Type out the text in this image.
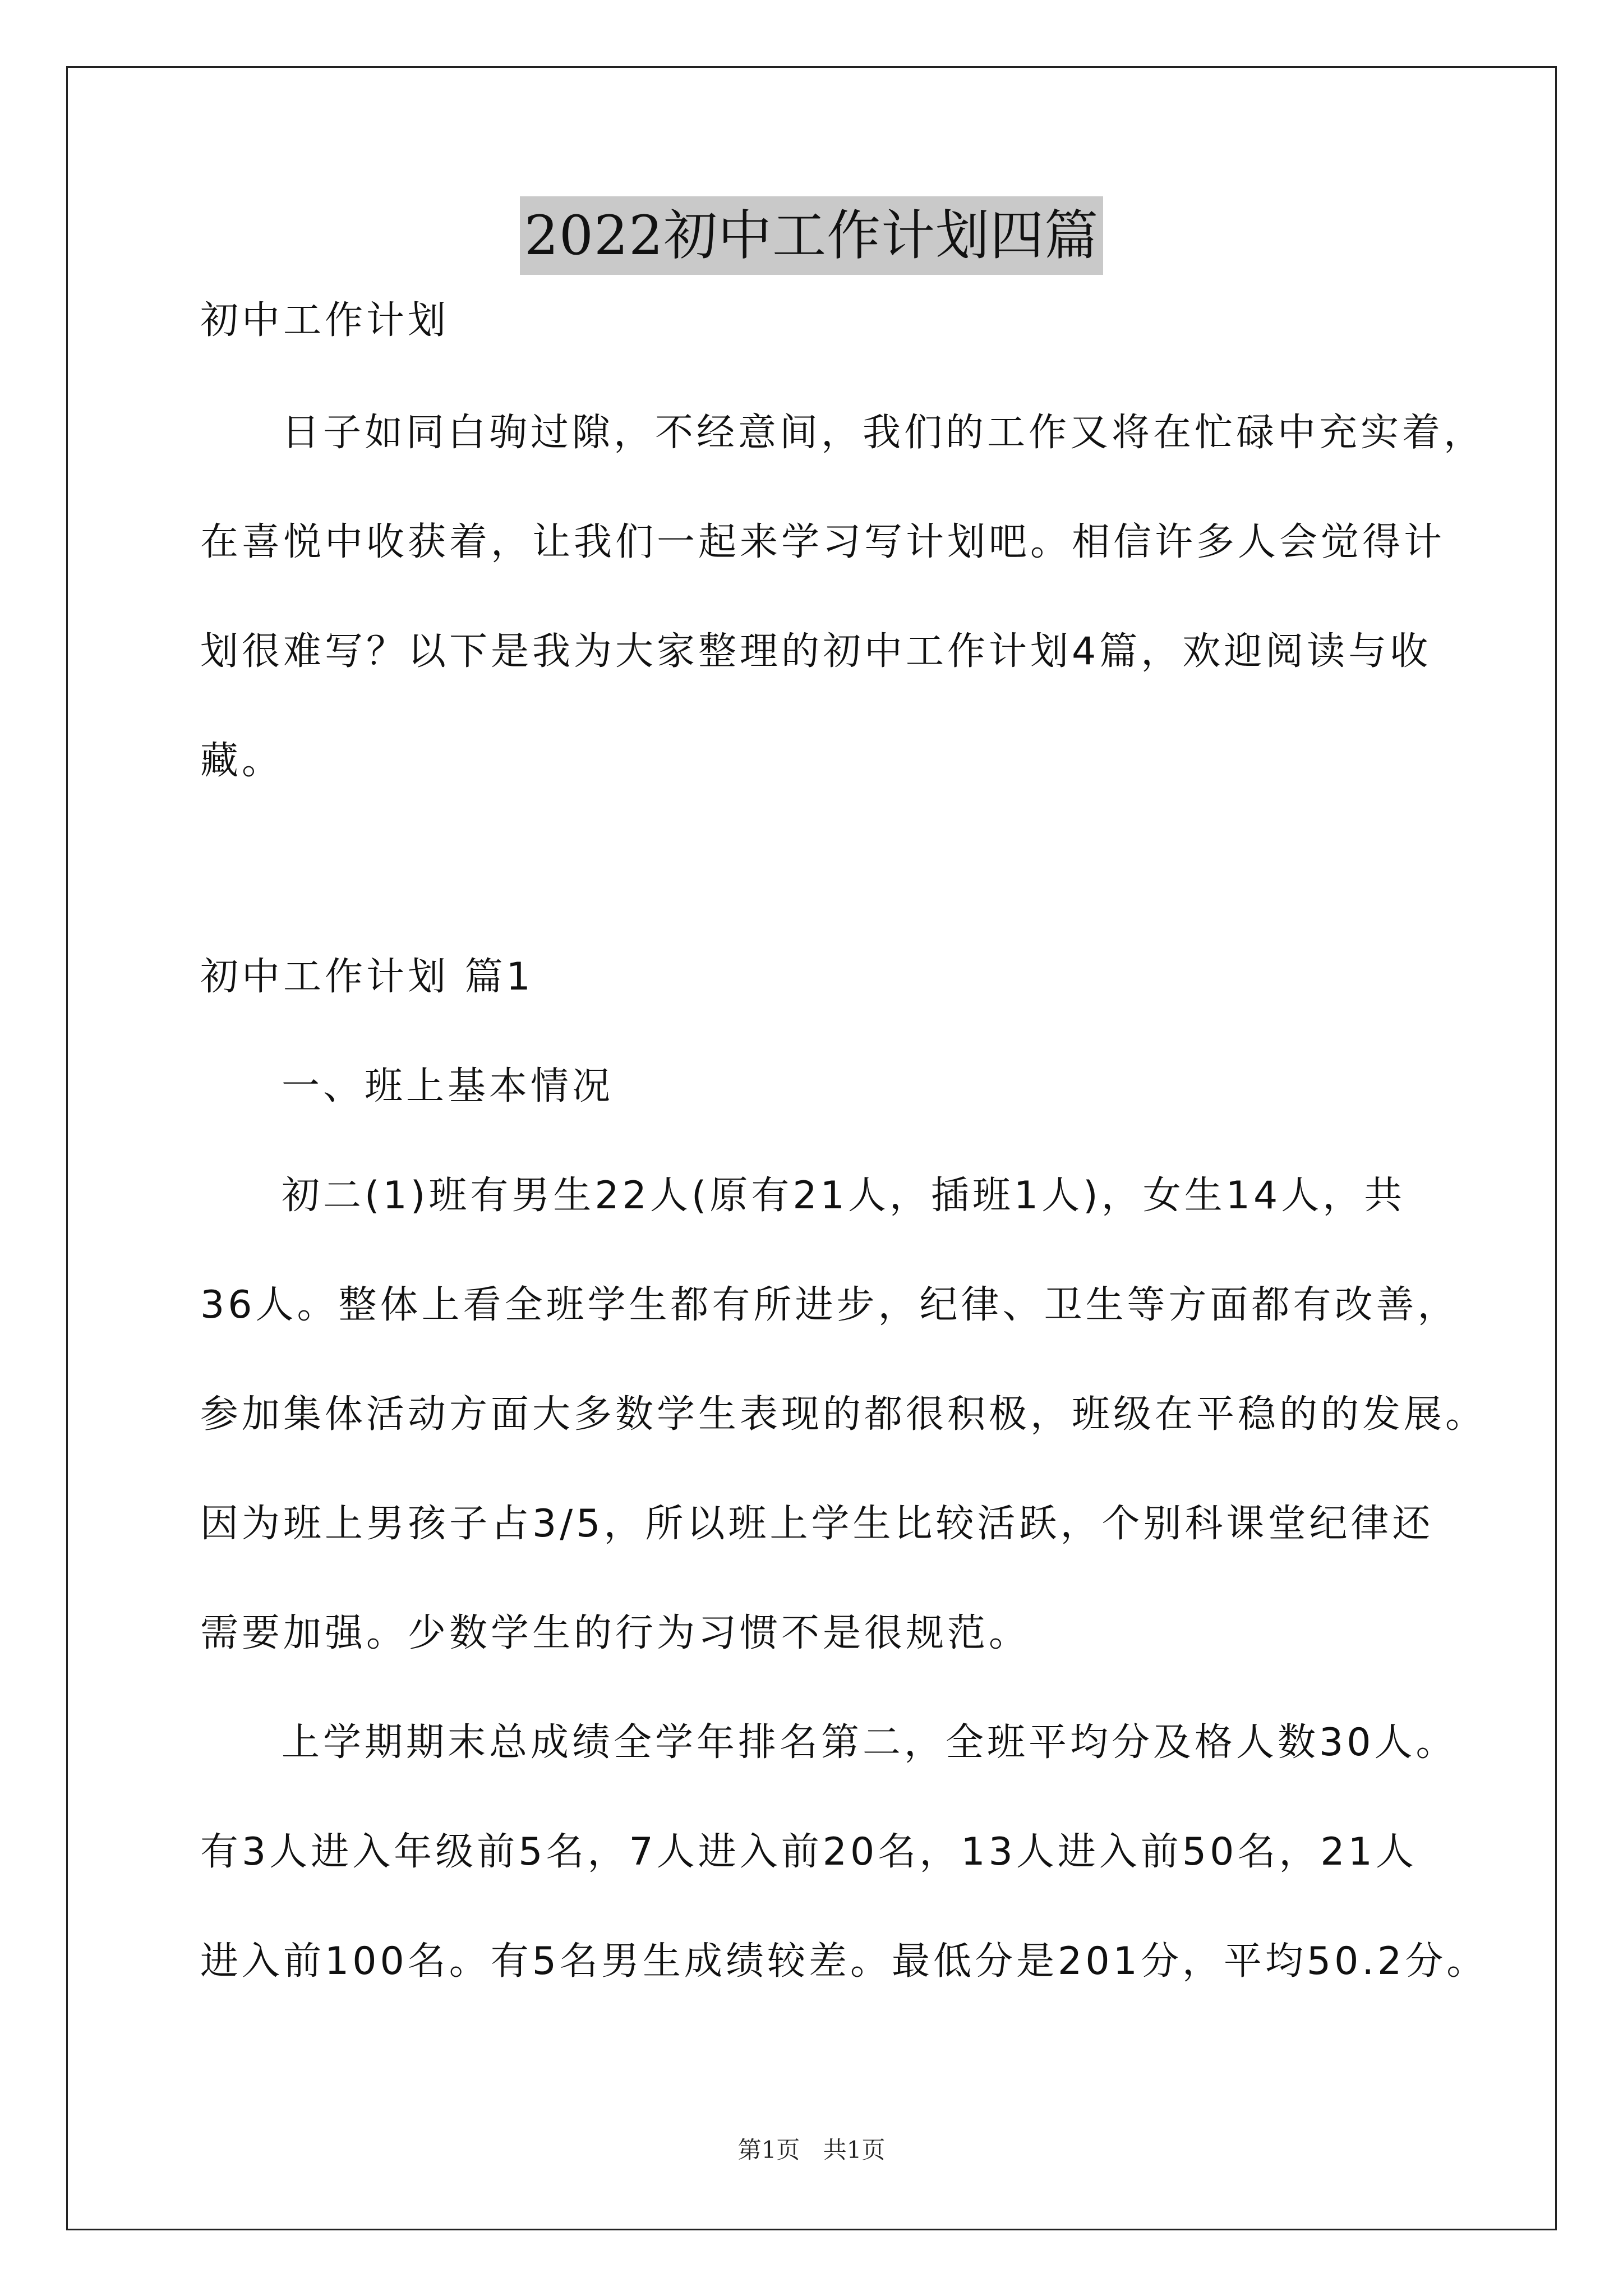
2022初中工作计划四篇
初中工作计划
日子如同白驹过隙，不经意间，我们的工作又将在忙碌中充实着，
在喜悦中收获着，让我们一起来学习写计划吧。相信许多人会觉得计
划很难写？以下是我为大家整理的初中工作计划4篇，欢迎阅读与收
藏。
初中工作计划 篇1
一、班上基本情况
初二(1)班有男生22人(原有21人，插班1人)，女生14人，共
36人。整体上看全班学生都有所进步，纪律、卫生等方面都有改善，
参加集体活动方面大多数学生表现的都很积极，班级在平稳的的发展。
因为班上男孩子占3/5，所以班上学生比较活跃，个别科课堂纪律还
需要加强。少数学生的行为习惯不是很规范。
上学期期末总成绩全学年排名第二，全班平均分及格人数30人。
有3人进入年级前5名，7人进入前20名，13人进入前50名，21人
进入前100名。有5名男生成绩较差。最低分是201分，平均50.2分。
第1页 共1页
